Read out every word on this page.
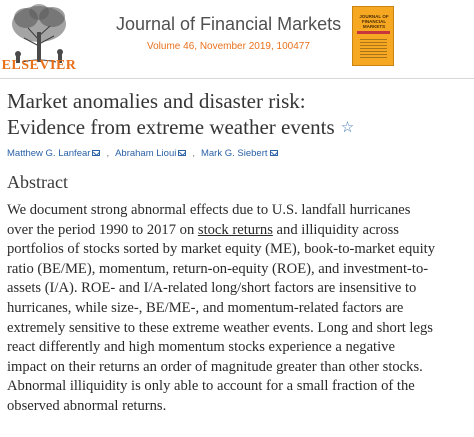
ELSEVIER
Journal of Financial Markets
Volume 46, November 2019, 100477
JOURNAL OF FINANCIAL MARKETS
Market anomalies and disaster risk:
Evidence from extreme weather events ☆
Matthew G. Lanfear , Abraham Lioui , Mark G. Siebert
Abstract
We document strong abnormal effects due to U.S. landfall hurricanes
over the period 1990 to 2017 on stock returns and illiquidity across
portfolios of stocks sorted by market equity (ME), book-to-market equity
ratio (BE/ME), momentum, return-on-equity (ROE), and investment-to-
assets (I/A). ROE- and I/A-related long/short factors are insensitive to
hurricanes, while size-, BE/ME-, and momentum-related factors are
extremely sensitive to these extreme weather events. Long and short legs
react differently and high momentum stocks experience a negative
impact on their returns an order of magnitude greater than other stocks.
Abnormal illiquidity is only able to account for a small fraction of the
observed abnormal returns.
